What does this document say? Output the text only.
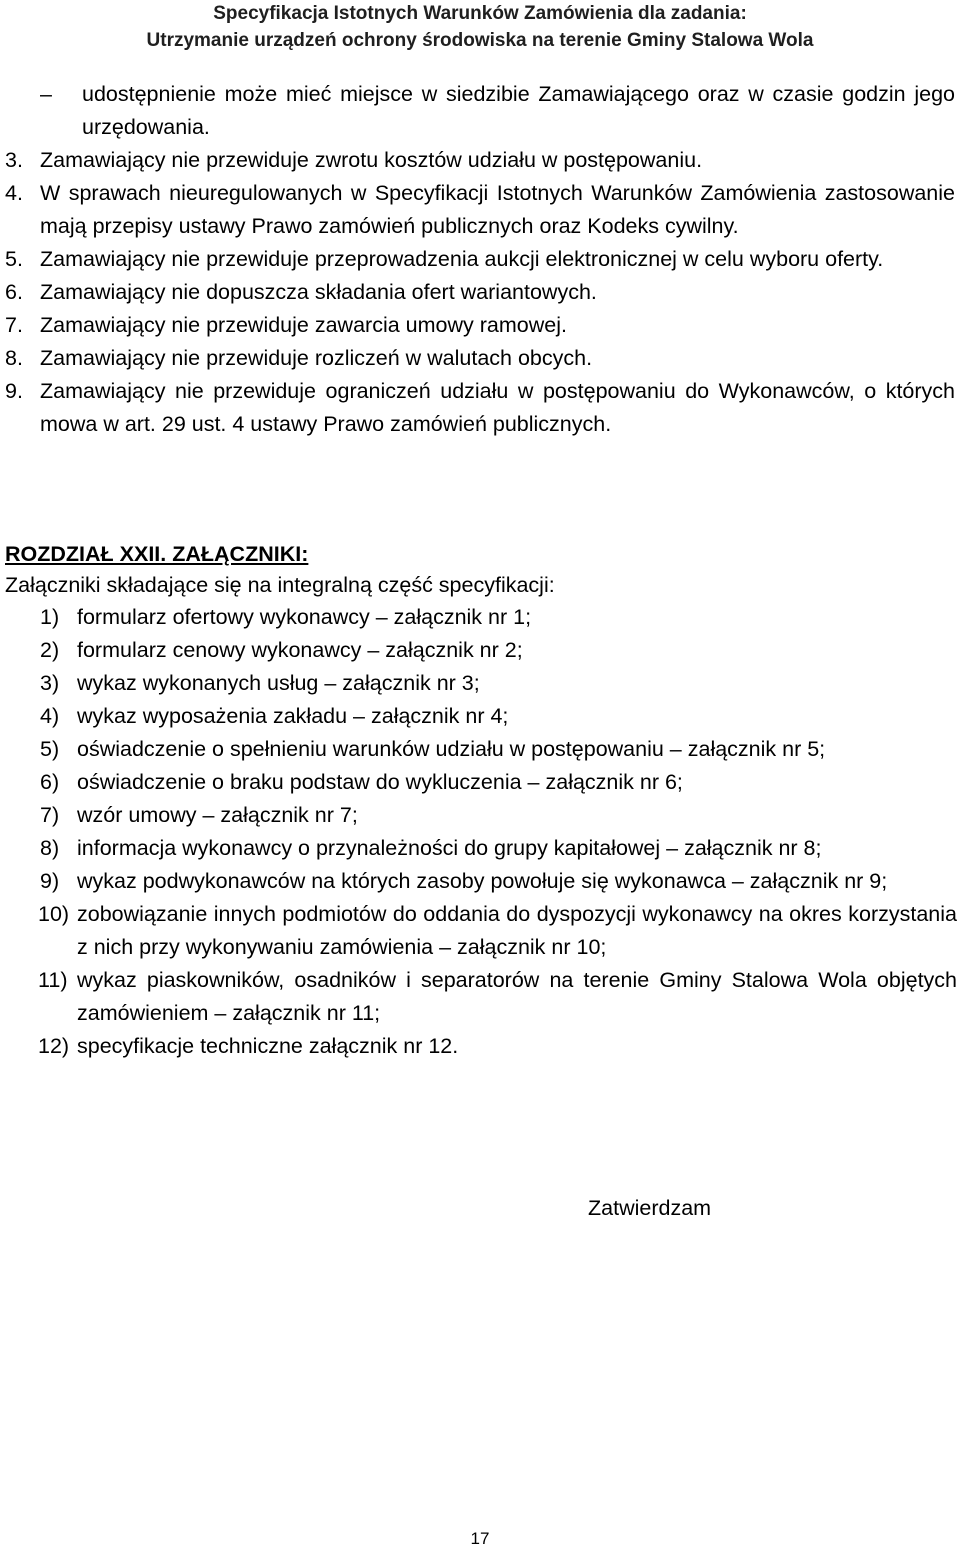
Specyfikacja Istotnych Warunków Zamówienia dla zadania:
Utrzymanie urządzeń ochrony środowiska na terenie Gminy Stalowa Wola
– udostępnienie może mieć miejsce w siedzibie Zamawiającego oraz w czasie godzin jego urzędowania.
3. Zamawiający nie przewiduje zwrotu kosztów udziału w postępowaniu.
4. W sprawach nieuregulowanych w Specyfikacji Istotnych Warunków Zamówienia zastosowanie mają przepisy ustawy Prawo zamówień publicznych oraz Kodeks cywilny.
5. Zamawiający nie przewiduje przeprowadzenia aukcji elektronicznej w celu wyboru oferty.
6. Zamawiający nie dopuszcza składania ofert wariantowych.
7. Zamawiający nie przewiduje zawarcia umowy ramowej.
8. Zamawiający nie przewiduje rozliczeń w walutach obcych.
9. Zamawiający nie przewiduje ograniczeń udziału w postępowaniu do Wykonawców, o których mowa w art. 29 ust. 4 ustawy Prawo zamówień publicznych.
ROZDZIAŁ XXII. ZAŁĄCZNIKI:
Załączniki składające się na integralną część specyfikacji:
1) formularz ofertowy wykonawcy – załącznik nr 1;
2) formularz cenowy wykonawcy – załącznik nr 2;
3) wykaz wykonanych usług – załącznik nr 3;
4) wykaz wyposażenia zakładu – załącznik nr 4;
5) oświadczenie o spełnieniu warunków udziału w postępowaniu – załącznik nr 5;
6) oświadczenie o braku podstaw do wykluczenia – załącznik nr 6;
7) wzór umowy – załącznik nr 7;
8) informacja wykonawcy o przynależności do grupy kapitałowej – załącznik nr 8;
9) wykaz podwykonawców na których zasoby powołuje się wykonawca – załącznik nr 9;
10) zobowiązanie innych podmiotów do oddania do dyspozycji wykonawcy na okres korzystania z nich przy wykonywaniu zamówienia – załącznik nr 10;
11) wykaz piaskowników, osadników i separatorów na terenie Gminy Stalowa Wola objętych zamówieniem – załącznik nr 11;
12) specyfikacje techniczne załącznik nr 12.
Zatwierdzam
17
